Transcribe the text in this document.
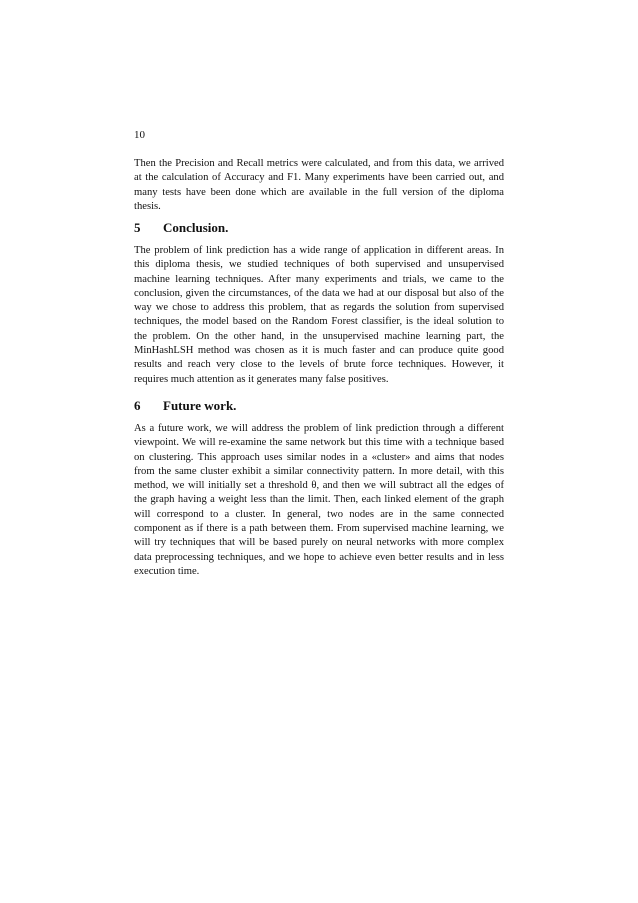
10

Then the Precision and Recall metrics were calculated, and from this data, we arrived at the calculation of Accuracy and F1. Many experiments have been carried out, and many tests have been done which are available in the full version of the diploma thesis.

5 Conclusion.

The problem of link prediction has a wide range of application in different areas. In this diploma thesis, we studied techniques of both supervised and unsupervised machine learning techniques. After many experiments and trials, we came to the conclusion, given the circumstances, of the data we had at our disposal but also of the way we chose to address this problem, that as regards the solution from supervised techniques, the model based on the Random Forest classifier, is the ideal solution to the problem. On the other hand, in the unsupervised machine learning part, the MinHashLSH method was chosen as it is much faster and can produce quite good results and reach very close to the levels of brute force techniques. However, it requires much attention as it generates many false positives.

6 Future work.

As a future work, we will address the problem of link prediction through a different viewpoint. We will re-examine the same network but this time with a technique based on clustering. This approach uses similar nodes in a «cluster» and aims that nodes from the same cluster exhibit a similar connectivity pattern. In more detail, with this method, we will initially set a threshold θ, and then we will subtract all the edges of the graph having a weight less than the limit. Then, each linked element of the graph will correspond to a cluster. In general, two nodes are in the same connected component as if there is a path between them. From supervised machine learning, we will try techniques that will be based purely on neural networks with more complex data preprocessing techniques, and we hope to achieve even better results and in less execution time.
